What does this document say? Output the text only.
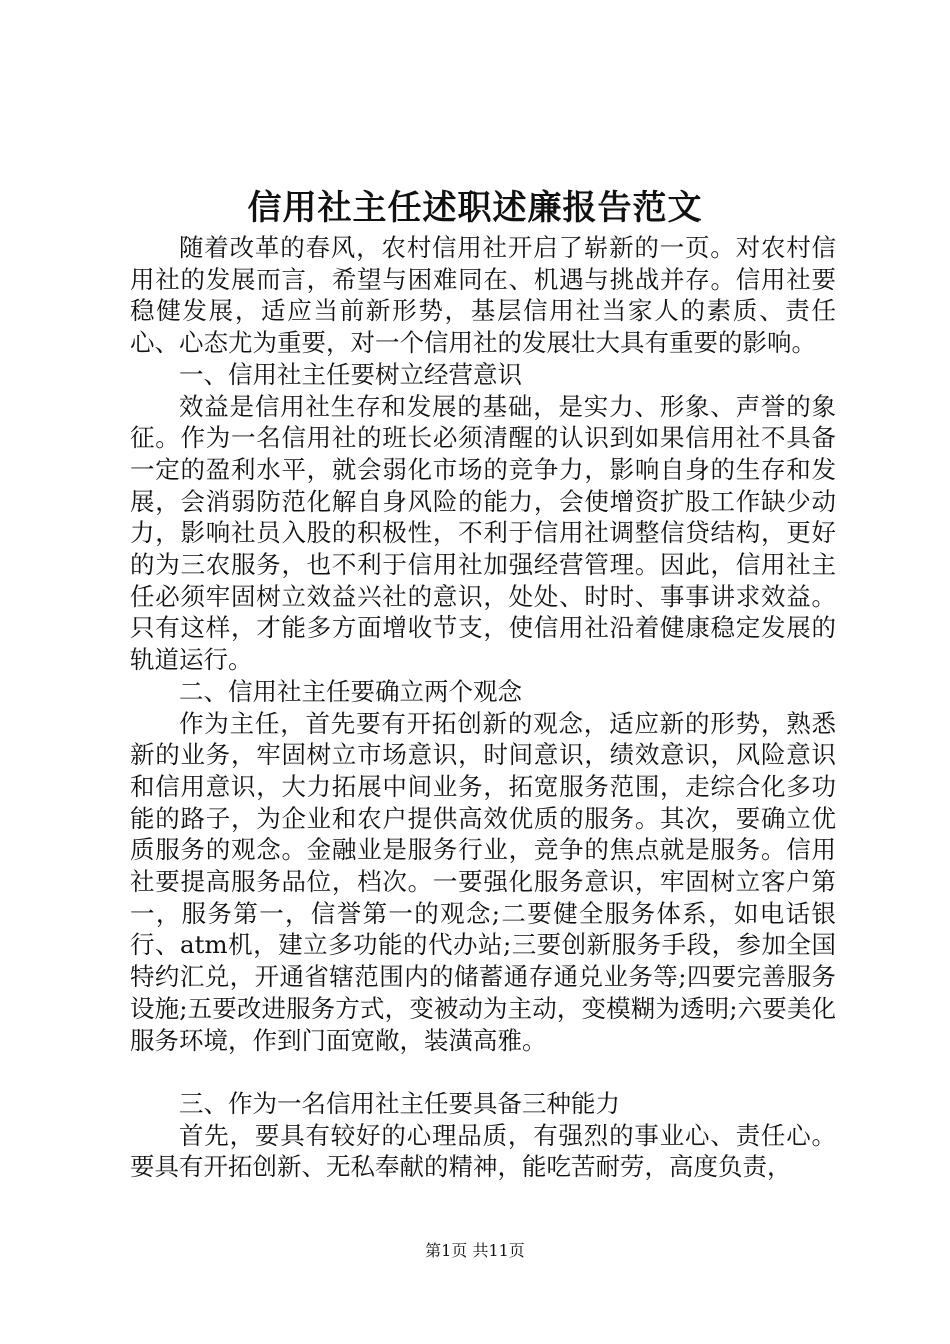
信用社主任述职述廉报告范文

随着改革的春风，农村信用社开启了崭新的一页。对农村信用社的发展而言，希望与困难同在、机遇与挑战并存。信用社要稳健发展，适应当前新形势，基层信用社当家人的素质、责任心、心态尤为重要，对一个信用社的发展壮大具有重要的影响。

一、信用社主任要树立经营意识

效益是信用社生存和发展的基础，是实力、形象、声誉的象征。作为一名信用社的班长必须清醒的认识到如果信用社不具备一定的盈利水平，就会弱化市场的竞争力，影响自身的生存和发展，会消弱防范化解自身风险的能力，会使增资扩股工作缺少动力，影响社员入股的积极性，不利于信用社调整信贷结构，更好的为三农服务，也不利于信用社加强经营管理。因此，信用社主任必须牢固树立效益兴社的意识，处处、时时、事事讲求效益。只有这样，才能多方面增收节支，使信用社沿着健康稳定发展的轨道运行。

二、信用社主任要确立两个观念

作为主任，首先要有开拓创新的观念，适应新的形势，熟悉新的业务，牢固树立市场意识，时间意识，绩效意识，风险意识和信用意识，大力拓展中间业务，拓宽服务范围，走综合化多功能的路子，为企业和农户提供高效优质的服务。其次，要确立优质服务的观念。金融业是服务行业，竞争的焦点就是服务。信用社要提高服务品位，档次。一要强化服务意识，牢固树立客户第一，服务第一，信誉第一的观念;二要健全服务体系，如电话银行、atm机，建立多功能的代办站;三要创新服务手段，参加全国特约汇兑，开通省辖范围内的储蓄通存通兑业务等;四要完善服务设施;五要改进服务方式，变被动为主动，变模糊为透明;六要美化服务环境，作到门面宽敞，装潢高雅。

三、作为一名信用社主任要具备三种能力

首先，要具有较好的心理品质，有强烈的事业心、责任心。要具有开拓创新、无私奉献的精神，能吃苦耐劳，高度负责，

第1页 共11页
